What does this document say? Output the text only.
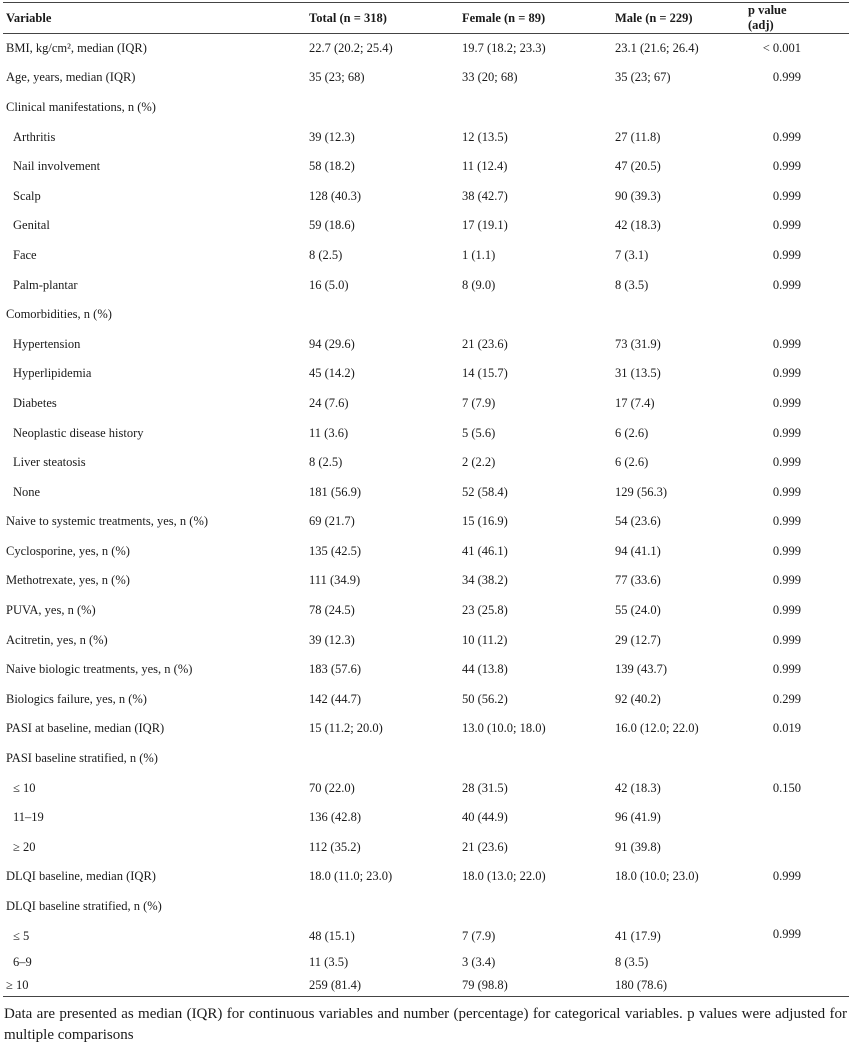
Variable	Total (n = 318)	Female (n = 89)	Male (n = 229)	p value (adj)
BMI, kg/cm², median (IQR)	22.7 (20.2; 25.4)	19.7 (18.2; 23.3)	23.1 (21.6; 26.4)	< 0.001
Age, years, median (IQR)	35 (23; 68)	33 (20; 68)	35 (23; 67)	0.999
Clinical manifestations, n (%)				
Arthritis	39 (12.3)	12 (13.5)	27 (11.8)	0.999
Nail involvement	58 (18.2)	11 (12.4)	47 (20.5)	0.999
Scalp	128 (40.3)	38 (42.7)	90 (39.3)	0.999
Genital	59 (18.6)	17 (19.1)	42 (18.3)	0.999
Face	8 (2.5)	1 (1.1)	7 (3.1)	0.999
Palm-plantar	16 (5.0)	8 (9.0)	8 (3.5)	0.999
Comorbidities, n (%)				
Hypertension	94 (29.6)	21 (23.6)	73 (31.9)	0.999
Hyperlipidemia	45 (14.2)	14 (15.7)	31 (13.5)	0.999
Diabetes	24 (7.6)	7 (7.9)	17 (7.4)	0.999
Neoplastic disease history	11 (3.6)	5 (5.6)	6 (2.6)	0.999
Liver steatosis	8 (2.5)	2 (2.2)	6 (2.6)	0.999
None	181 (56.9)	52 (58.4)	129 (56.3)	0.999
Naive to systemic treatments, yes, n (%)	69 (21.7)	15 (16.9)	54 (23.6)	0.999
Cyclosporine, yes, n (%)	135 (42.5)	41 (46.1)	94 (41.1)	0.999
Methotrexate, yes, n (%)	111 (34.9)	34 (38.2)	77 (33.6)	0.999
PUVA, yes, n (%)	78 (24.5)	23 (25.8)	55 (24.0)	0.999
Acitretin, yes, n (%)	39 (12.3)	10 (11.2)	29 (12.7)	0.999
Naive biologic treatments, yes, n (%)	183 (57.6)	44 (13.8)	139 (43.7)	0.999
Biologics failure, yes, n (%)	142 (44.7)	50 (56.2)	92 (40.2)	0.299
PASI at baseline, median (IQR)	15 (11.2; 20.0)	13.0 (10.0; 18.0)	16.0 (12.0; 22.0)	0.019
PASI baseline stratified, n (%)				
≤ 10	70 (22.0)	28 (31.5)	42 (18.3)	0.150
11–19	136 (42.8)	40 (44.9)	96 (41.9)	
≥ 20	112 (35.2)	21 (23.6)	91 (39.8)	
DLQI baseline, median (IQR)	18.0 (11.0; 23.0)	18.0 (13.0; 22.0)	18.0 (10.0; 23.0)	0.999
DLQI baseline stratified, n (%)				
≤ 5	48 (15.1)	7 (7.9)	41 (17.9)	0.999
6–9	11 (3.5)	3 (3.4)	8 (3.5)	
≥ 10	259 (81.4)	79 (98.8)	180 (78.6)	
Data are presented as median (IQR) for continuous variables and number (percentage) for categorical variables. p values were adjusted for multiple comparisons
